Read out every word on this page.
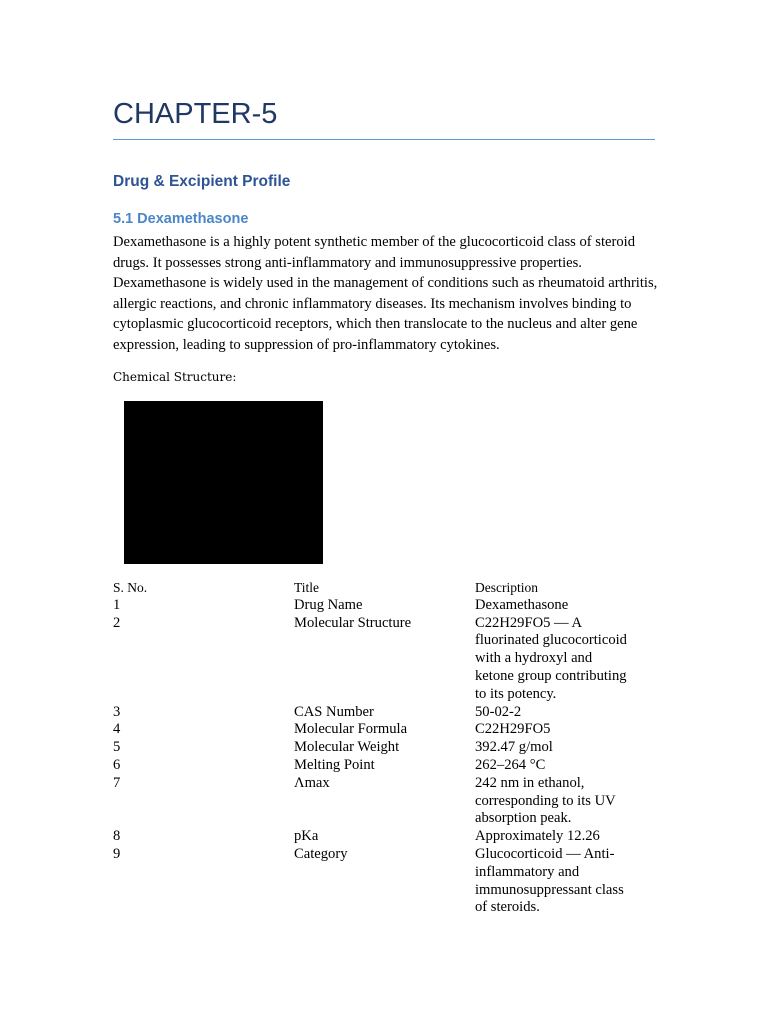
CHAPTER-5
Drug & Excipient Profile
5.1 Dexamethasone

Dexamethasone is a highly potent synthetic member of the glucocorticoid class of steroid drugs. It possesses strong anti-inflammatory and immunosuppressive properties. Dexamethasone is widely used in the management of conditions such as rheumatoid arthritis, allergic reactions, and chronic inflammatory diseases. Its mechanism involves binding to cytoplasmic glucocorticoid receptors, which then translocate to the nucleus and alter gene expression, leading to suppression of pro-inflammatory cytokines.

Chemical Structure:

S. No.	Title	Description
1	Drug Name	Dexamethasone
2	Molecular Structure	C22H29FO5 — A fluorinated glucocorticoid with a hydroxyl and ketone group contributing to its potency.
3	CAS Number	50-02-2
4	Molecular Formula	C22H29FO5
5	Molecular Weight	392.47 g/mol
6	Melting Point	262–264 °C
7	Λmax	242 nm in ethanol, corresponding to its UV absorption peak.
8	pKa	Approximately 12.26
9	Category	Glucocorticoid — Anti-inflammatory and immunosuppressant class of steroids.
